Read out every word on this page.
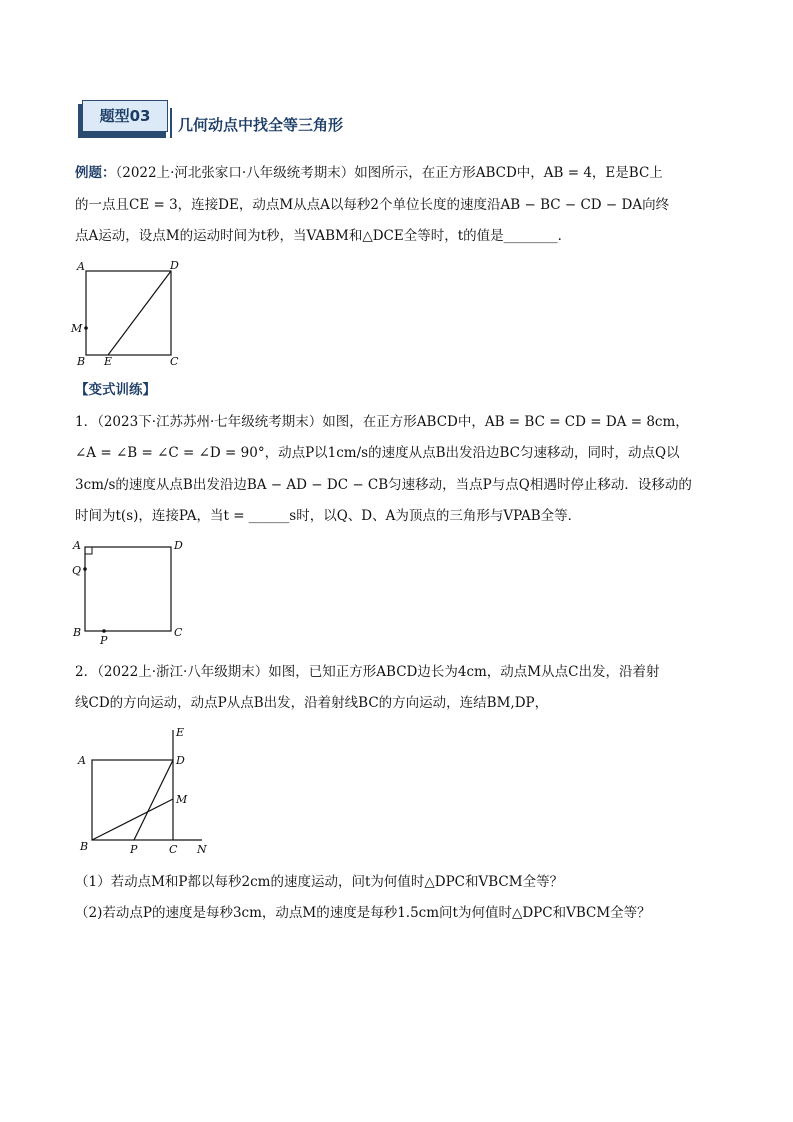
题型03	几何动点中找全等三角形
例题：（2022上·河北张家口·八年级统考期末）如图所示，在正方形ABCD中，AB = 4，E是BC上
的一点且CE = 3，连接DE，动点M从点A以每秒2个单位长度的速度沿AB − BC − CD − DA向终
点A运动，设点M的运动时间为t秒，当VABM和△DCE全等时，t的值是________．
A	D
M
B E	C
【变式训练】
1．（2023下·江苏苏州·七年级统考期末）如图，在正方形ABCD中，AB = BC = CD = DA = 8cm，
∠A = ∠B = ∠C = ∠D = 90°，动点P以1cm/s的速度从点B出发沿边BC匀速移动，同时，动点Q以
3cm/s的速度从点B出发沿边BA − AD − DC − CB匀速移动，当点P与点Q相遇时停止移动．设移动的
时间为t(s)，连接PA，当t = ______s时，以Q、D、A为顶点的三角形与VPAB全等．
A	D
Q
B
P
C
2．（2022上·浙江·八年级期末）如图，已知正方形ABCD边长为4cm，动点M从点C出发，沿着射
线CD的方向运动，动点P从点B出发，沿着射线BC的方向运动，连结BM,DP，
E
A	D
M
B	P	C N
（1）若动点M和P都以每秒2cm的速度运动，问t为何值时△DPC和VBCM全等？
（2)若动点P的速度是每秒3cm，动点M的速度是每秒1.5cm问t为何值时△DPC和VBCM全等？
